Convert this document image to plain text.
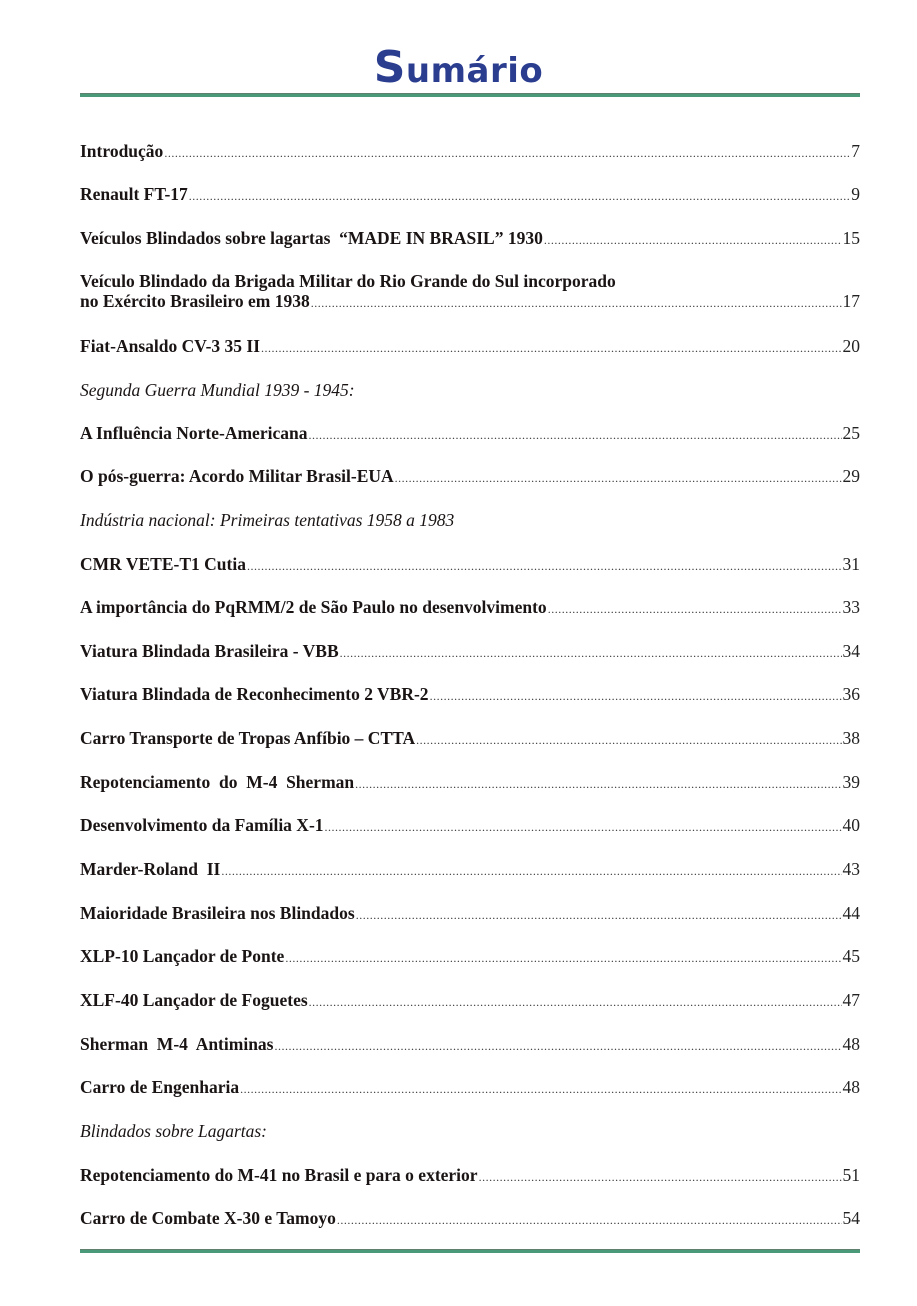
Sumário
Introdução .....	7
Renault FT-17 .....	9
Veículos Blindados sobre lagartas  “MADE IN BRASIL” 1930 .....	15
Veículo Blindado da Brigada Militar do Rio Grande do Sul incorporado
no Exército Brasileiro em 1938 .....	17
Fiat-Ansaldo CV-3 35 II .....	20
Segunda Guerra Mundial 1939 - 1945:
A Influência Norte-Americana .....	25
O pós-guerra: Acordo Militar Brasil-EUA .....	29
Indústria nacional: Primeiras tentativas 1958 a 1983
CMR VETE-T1 Cutia .....	31
A importância do PqRMM/2 de São Paulo no desenvolvimento .....	33
Viatura Blindada Brasileira - VBB .....	34
Viatura Blindada de Reconhecimento 2 VBR-2 .....	36
Carro Transporte de Tropas Anfíbio – CTTA .....	38
Repotenciamento  do  M-4  Sherman .....	39
Desenvolvimento da Família X-1 .....	40
Marder-Roland  II .....	43
Maioridade Brasileira nos Blindados .....	44
XLP-10 Lançador de Ponte .....	45
XLF-40 Lançador de Foguetes .....	47
Sherman  M-4  Antiminas .....	48
Carro de Engenharia .....	48
Blindados sobre Lagartas:
Repotenciamento do M-41 no Brasil e para o exterior .....	51
Carro de Combate X-30 e Tamoyo .....	54
